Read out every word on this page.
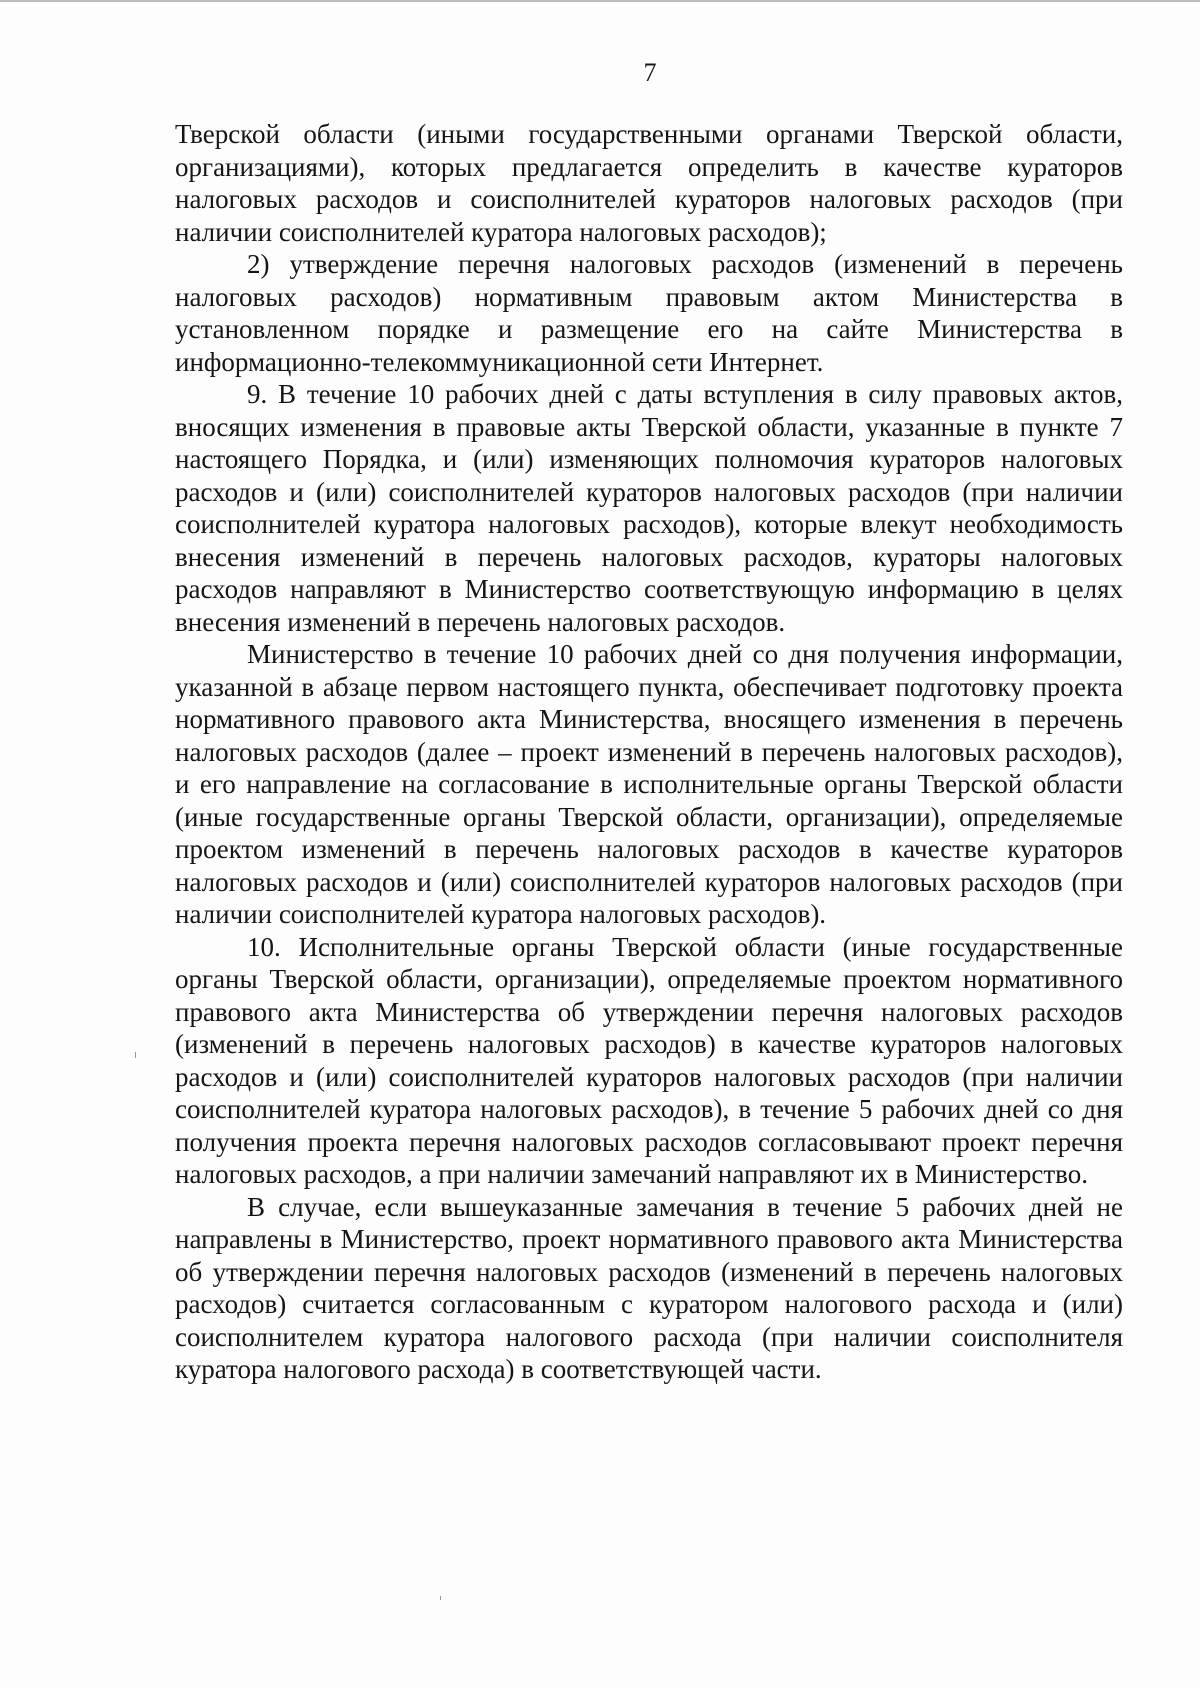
7

Тверской области (иными государственными органами Тверской области, организациями), которых предлагается определить в качестве кураторов налоговых расходов и соисполнителей кураторов налоговых расходов (при наличии соисполнителей куратора налоговых расходов);

2) утверждение перечня налоговых расходов (изменений в перечень налоговых расходов) нормативным правовым актом Министерства в установленном порядке и размещение его на сайте Министерства в информационно-телекоммуникационной сети Интернет.

9. В течение 10 рабочих дней с даты вступления в силу правовых актов, вносящих изменения в правовые акты Тверской области, указанные в пункте 7 настоящего Порядка, и (или) изменяющих полномочия кураторов налоговых расходов и (или) соисполнителей кураторов налоговых расходов (при наличии соисполнителей куратора налоговых расходов), которые влекут необходимость внесения изменений в перечень налоговых расходов, кураторы налоговых расходов направляют в Министерство соответствующую информацию в целях внесения изменений в перечень налоговых расходов.

Министерство в течение 10 рабочих дней со дня получения информации, указанной в абзаце первом настоящего пункта, обеспечивает подготовку проекта нормативного правового акта Министерства, вносящего изменения в перечень налоговых расходов (далее – проект изменений в перечень налоговых расходов), и его направление на согласование в исполнительные органы Тверской области (иные государственные органы Тверской области, организации), определяемые проектом изменений в перечень налоговых расходов в качестве кураторов налоговых расходов и (или) соисполнителей кураторов налоговых расходов (при наличии соисполнителей куратора налоговых расходов).

10. Исполнительные органы Тверской области (иные государственные органы Тверской области, организации), определяемые проектом нормативного правового акта Министерства об утверждении перечня налоговых расходов (изменений в перечень налоговых расходов) в качестве кураторов налоговых расходов и (или) соисполнителей кураторов налоговых расходов (при наличии соисполнителей куратора налоговых расходов), в течение 5 рабочих дней со дня получения проекта перечня налоговых расходов согласовывают проект перечня налоговых расходов, а при наличии замечаний направляют их в Министерство.

В случае, если вышеуказанные замечания в течение 5 рабочих дней не направлены в Министерство, проект нормативного правового акта Министерства об утверждении перечня налоговых расходов (изменений в перечень налоговых расходов) считается согласованным с куратором налогового расхода и (или) соисполнителем куратора налогового расхода (при наличии соисполнителя куратора налогового расхода) в соответствующей части.
